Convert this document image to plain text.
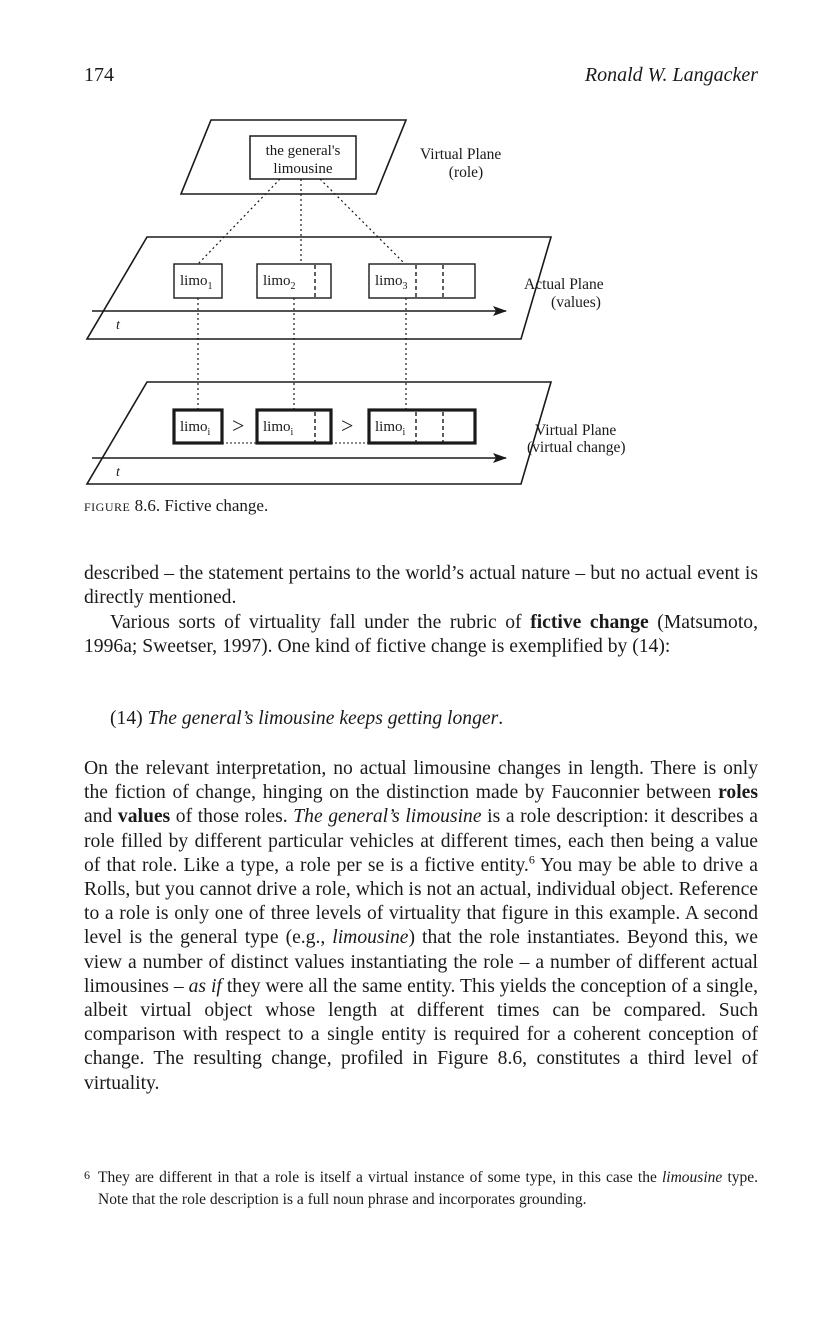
174	Ronald W. Langacker
the general's
limousine
Virtual Plane
(role)
t
limo$_1$	limo$_2$	limo$_3$	Actual Plane
(values)
t
limo$_i$ > limo$_i$ > limo$_i$	Virtual Plane
(virtual change)
figure 8.6. Fictive change.
described – the statement pertains to the world’s actual nature – but no actual event is directly mentioned.
Various sorts of virtuality fall under the rubric of fictive change (Matsumoto, 1996a; Sweetser, 1997). One kind of fictive change is exemplified by (14):
(14) The general’s limousine keeps getting longer.
On the relevant interpretation, no actual limousine changes in length. There is only the fiction of change, hinging on the distinction made by Fauconnier between roles and values of those roles. The general’s limousine is a role description: it describes a role filled by different particular vehicles at different times, each then being a value of that role. Like a type, a role per se is a fictive entity.$^6$ You may be able to drive a Rolls, but you cannot drive a role, which is not an actual, individual object. Reference to a role is only one of three levels of virtuality that figure in this example. A second level is the general type (e.g., limousine) that the role instantiates. Beyond this, we view a number of distinct values instantiating the role – a number of different actual limousines – as if they were all the same entity. This yields the conception of a single, albeit virtual object whose length at different times can be compared. Such comparison with respect to a single entity is required for a coherent conception of change. The resulting change, profiled in Figure 8.6, constitutes a third level of virtuality.
6 They are different in that a role is itself a virtual instance of some type, in this case the limousine type. Note that the role description is a full noun phrase and incorporates grounding.
